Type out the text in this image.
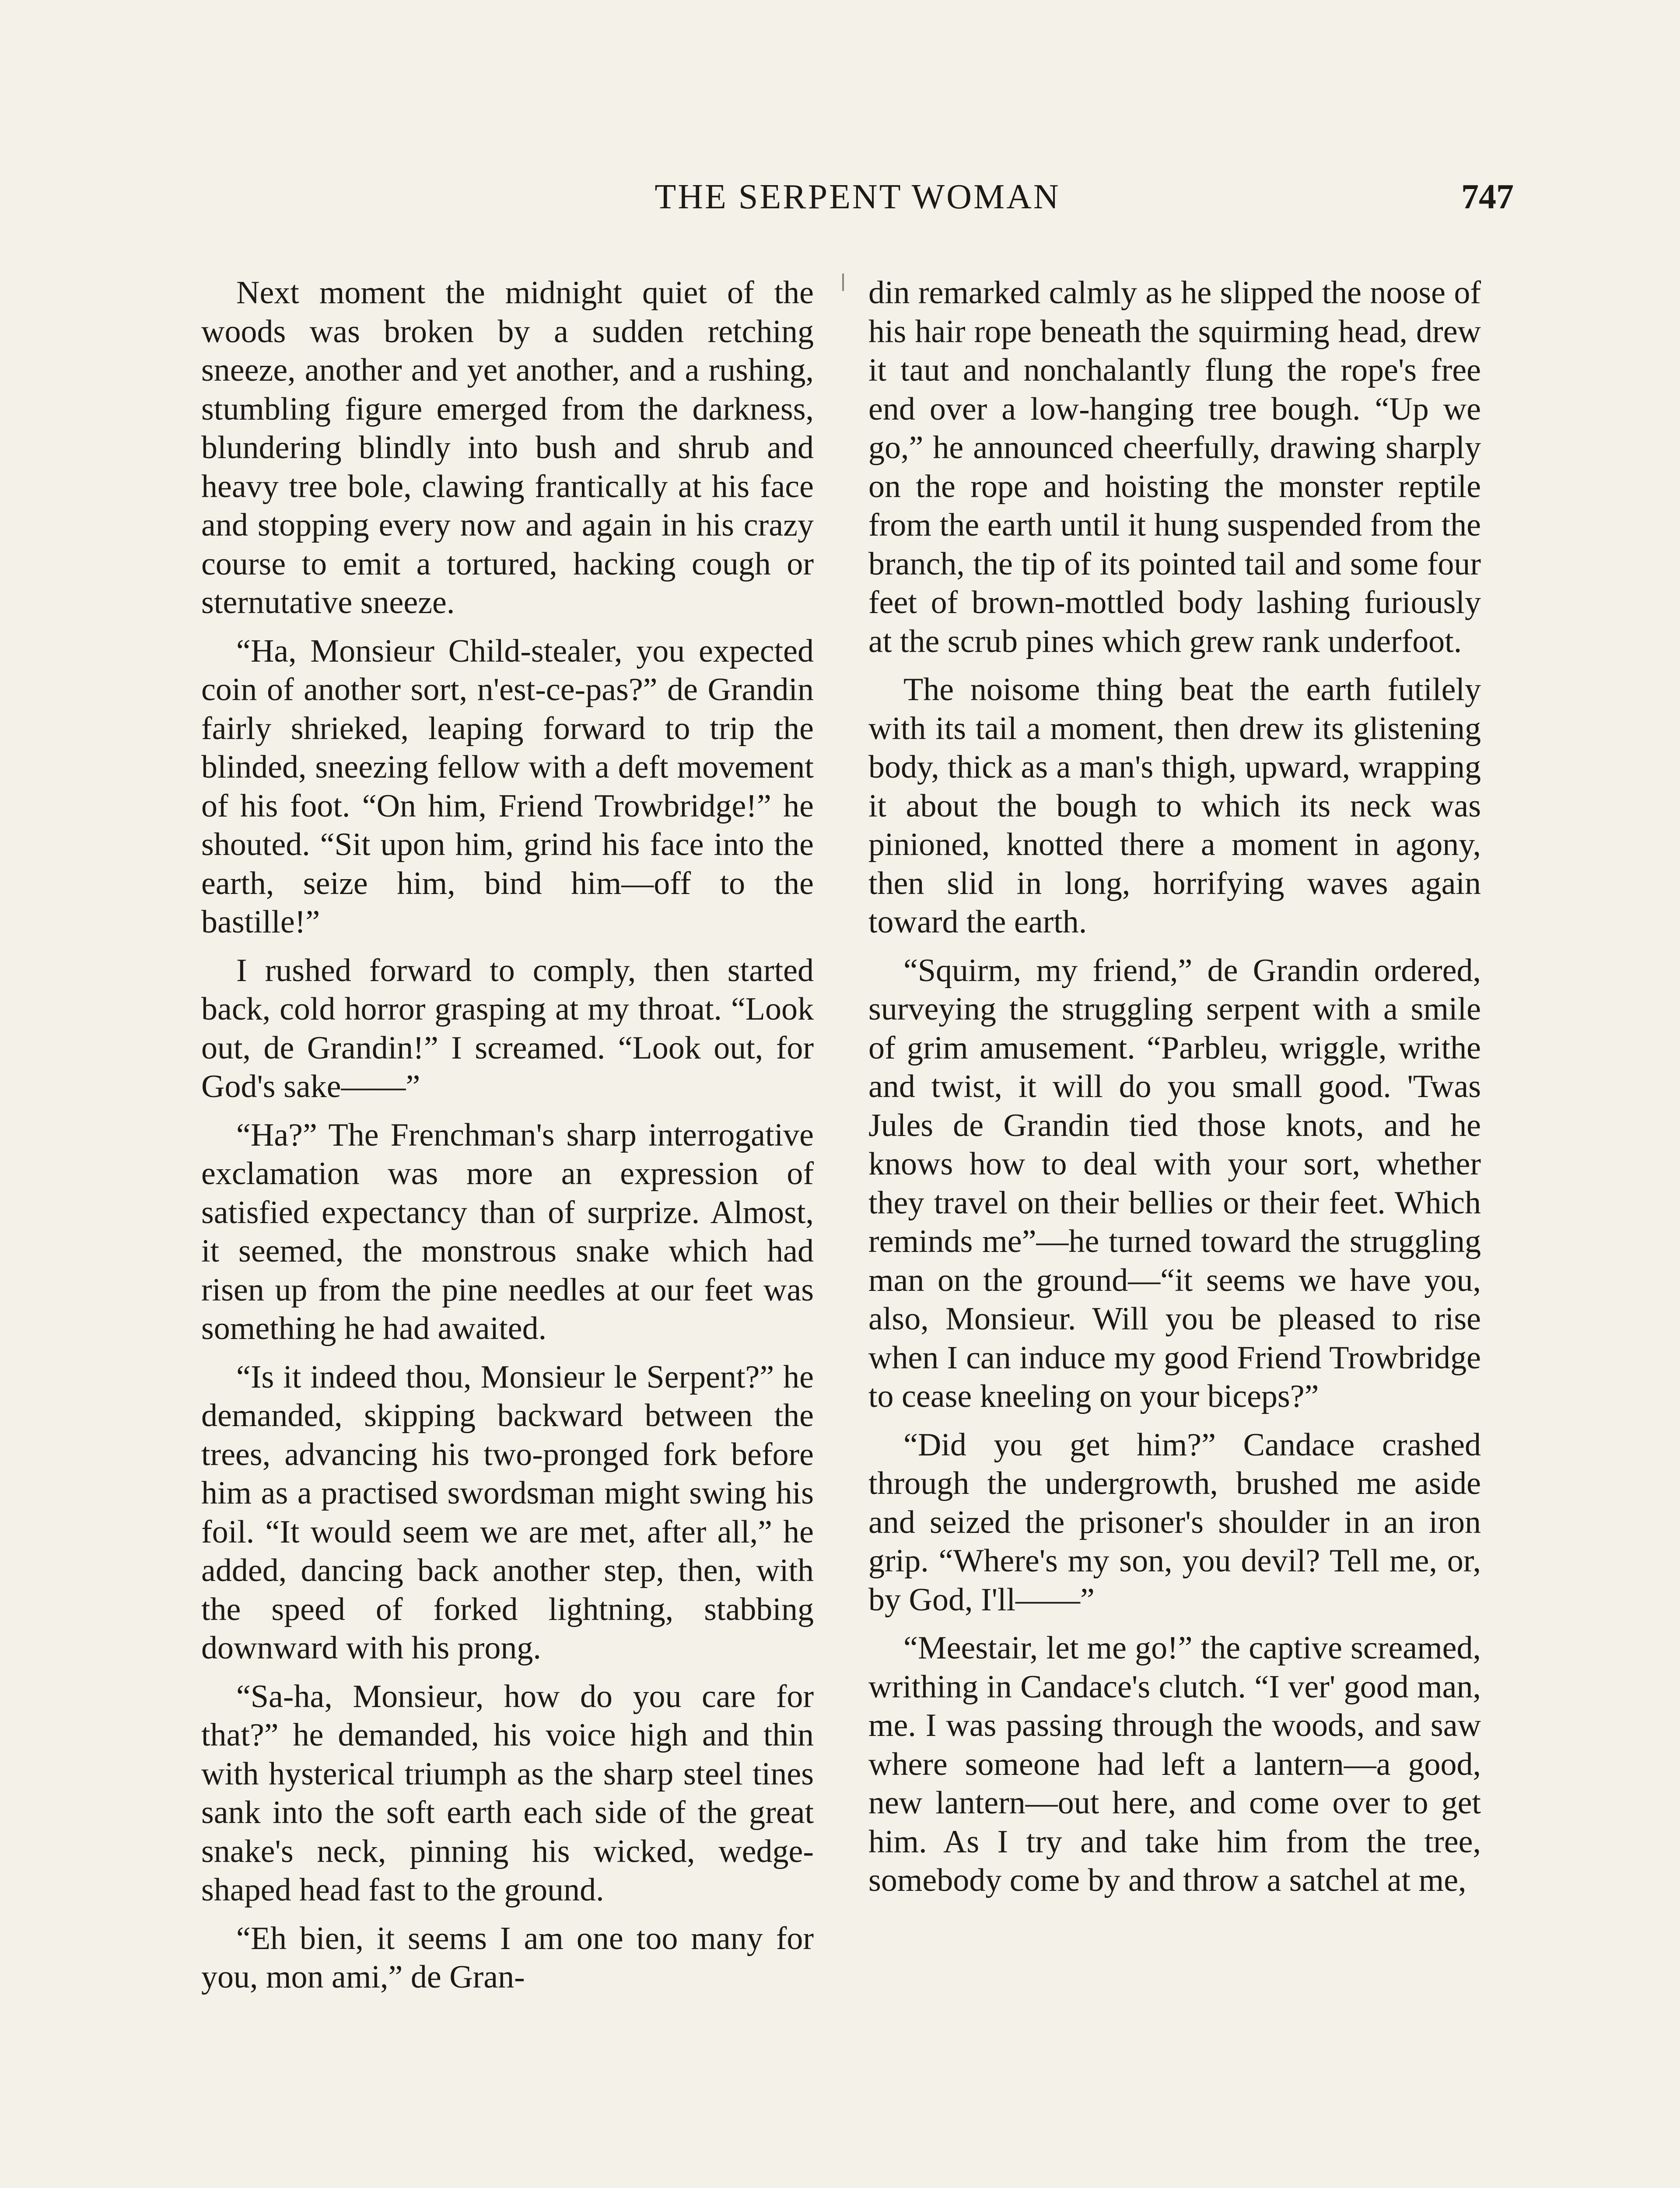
THE SERPENT WOMAN	747

Next moment the midnight quiet of the woods was broken by a sudden retching sneeze, another and yet another, and a rushing, stumbling figure emerged from the darkness, blundering blindly into bush and shrub and heavy tree bole, clawing frantically at his face and stopping every now and again in his crazy course to emit a tortured, hacking cough or sternutative sneeze.

“Ha, Monsieur Child-stealer, you expected coin of another sort, n'est-ce-pas?” de Grandin fairly shrieked, leaping forward to trip the blinded, sneezing fellow with a deft movement of his foot. “On him, Friend Trowbridge!” he shouted. “Sit upon him, grind his face into the earth, seize him, bind him—off to the bastille!”

I rushed forward to comply, then started back, cold horror grasping at my throat. “Look out, de Grandin!” I screamed. “Look out, for God's sake——”

“Ha?” The Frenchman's sharp interrogative exclamation was more an expression of satisfied expectancy than of surprize. Almost, it seemed, the monstrous snake which had risen up from the pine needles at our feet was something he had awaited.

“Is it indeed thou, Monsieur le Serpent?” he demanded, skipping backward between the trees, advancing his two-pronged fork before him as a practised swordsman might swing his foil. “It would seem we are met, after all,” he added, dancing back another step, then, with the speed of forked lightning, stabbing downward with his prong.

“Sa-ha, Monsieur, how do you care for that?” he demanded, his voice high and thin with hysterical triumph as the sharp steel tines sank into the soft earth each side of the great snake's neck, pinning his wicked, wedge-shaped head fast to the ground.

“Eh bien, it seems I am one too many for you, mon ami,” de Gran-

din remarked calmly as he slipped the noose of his hair rope beneath the squirming head, drew it taut and nonchalantly flung the rope's free end over a low-hanging tree bough. “Up we go,” he announced cheerfully, drawing sharply on the rope and hoisting the monster reptile from the earth until it hung suspended from the branch, the tip of its pointed tail and some four feet of brown-mottled body lashing furiously at the scrub pines which grew rank underfoot.

The noisome thing beat the earth futilely with its tail a moment, then drew its glistening body, thick as a man's thigh, upward, wrapping it about the bough to which its neck was pinioned, knotted there a moment in agony, then slid in long, horrifying waves again toward the earth.

“Squirm, my friend,” de Grandin ordered, surveying the struggling serpent with a smile of grim amusement. “Parbleu, wriggle, writhe and twist, it will do you small good. 'Twas Jules de Grandin tied those knots, and he knows how to deal with your sort, whether they travel on their bellies or their feet. Which reminds me”—he turned toward the struggling man on the ground—“it seems we have you, also, Monsieur. Will you be pleased to rise when I can induce my good Friend Trowbridge to cease kneeling on your biceps?”

“Did you get him?” Candace crashed through the undergrowth, brushed me aside and seized the prisoner's shoulder in an iron grip. “Where's my son, you devil? Tell me, or, by God, I'll——”

“Meestair, let me go!” the captive screamed, writhing in Candace's clutch. “I ver' good man, me. I was passing through the woods, and saw where someone had left a lantern—a good, new lantern—out here, and come over to get him. As I try and take him from the tree, somebody come by and throw a satchel at me,
